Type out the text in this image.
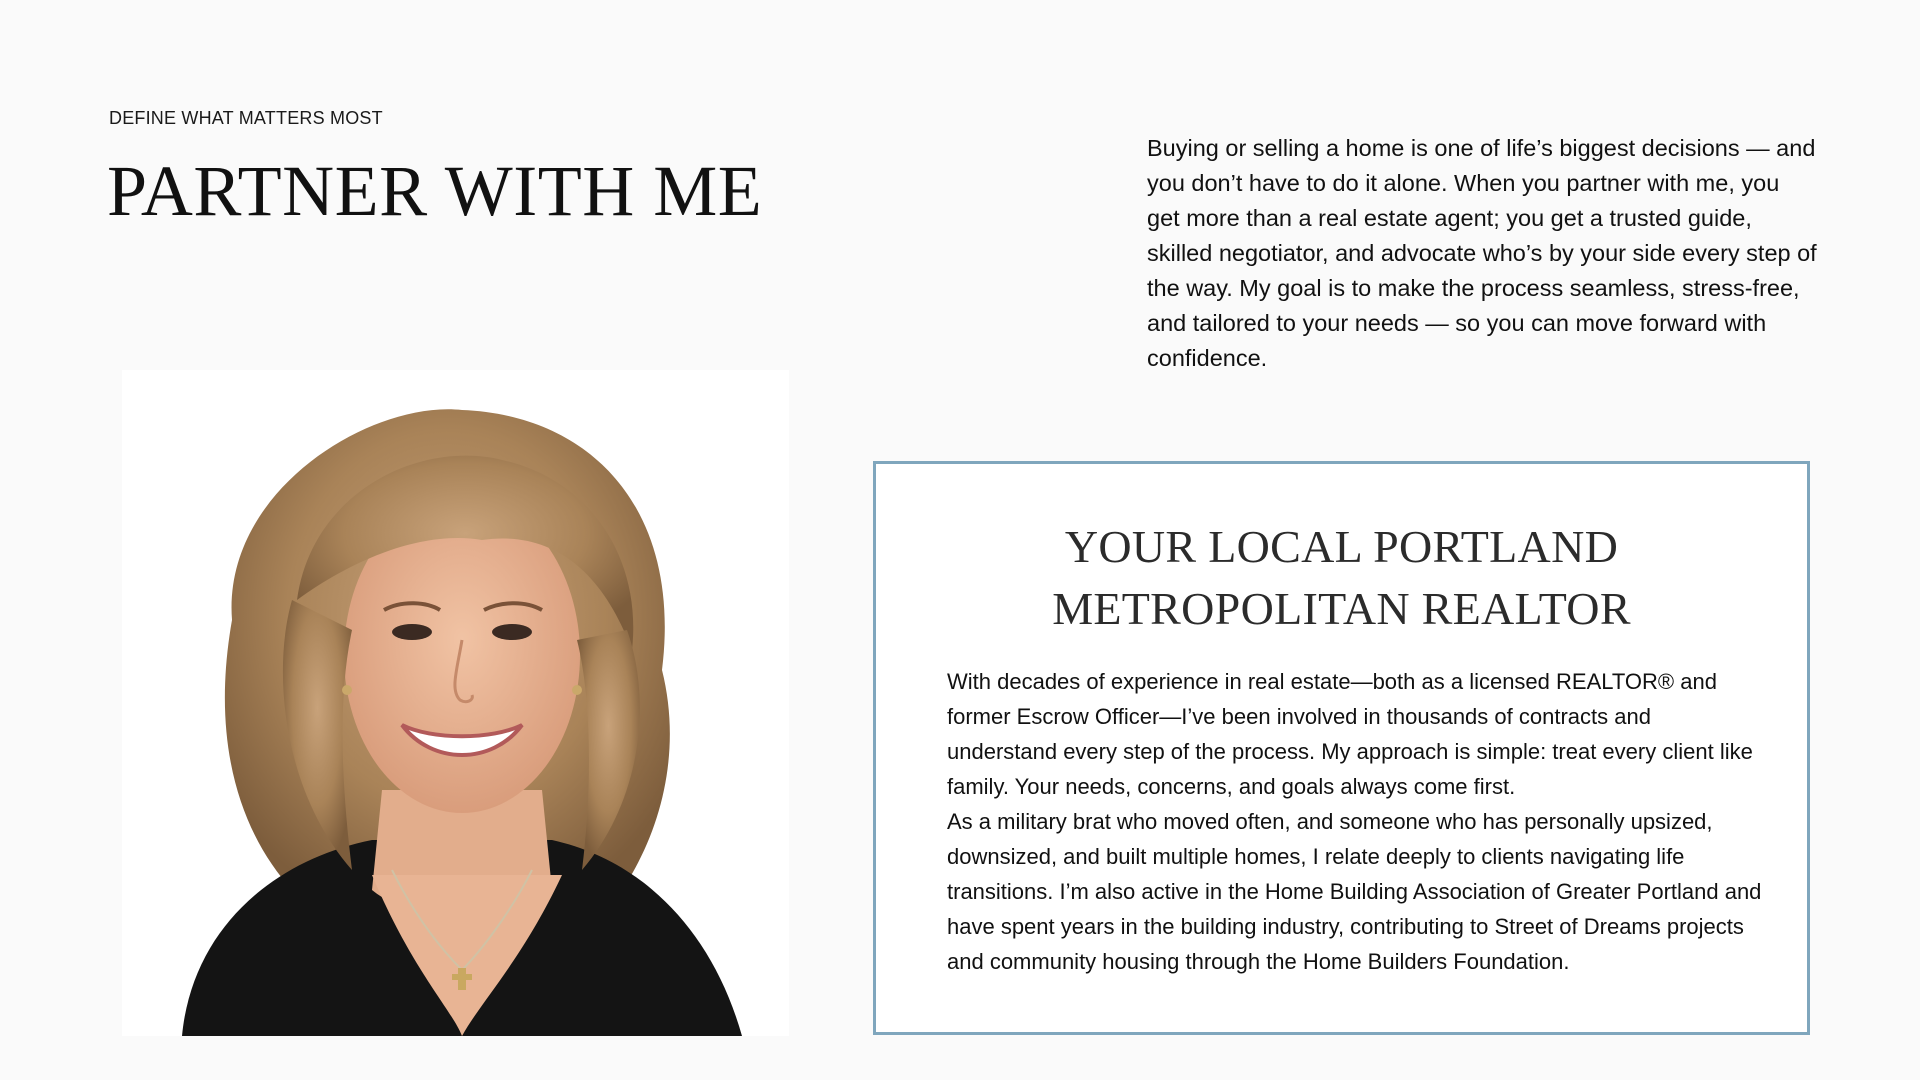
DEFINE WHAT MATTERS MOST
PARTNER WITH ME

Buying or selling a home is one of life’s biggest decisions — and you don’t have to do it alone. When you partner with me, you get more than a real estate agent; you get a trusted guide, skilled negotiator, and advocate who’s by your side every step of the way. My goal is to make the process seamless, stress-free, and tailored to your needs — so you can move forward with confidence.

YOUR LOCAL PORTLAND
METROPOLITAN REALTOR

With decades of experience in real estate—both as a licensed REALTOR® and former Escrow Officer—I’ve been involved in thousands of contracts and understand every step of the process. My approach is simple: treat every client like family. Your needs, concerns, and goals always come first.

As a military brat who moved often, and someone who has personally upsized, downsized, and built multiple homes, I relate deeply to clients navigating life transitions. I’m also active in the Home Building Association of Greater Portland and have spent years in the building industry, contributing to Street of Dreams projects and community housing through the Home Builders Foundation.
